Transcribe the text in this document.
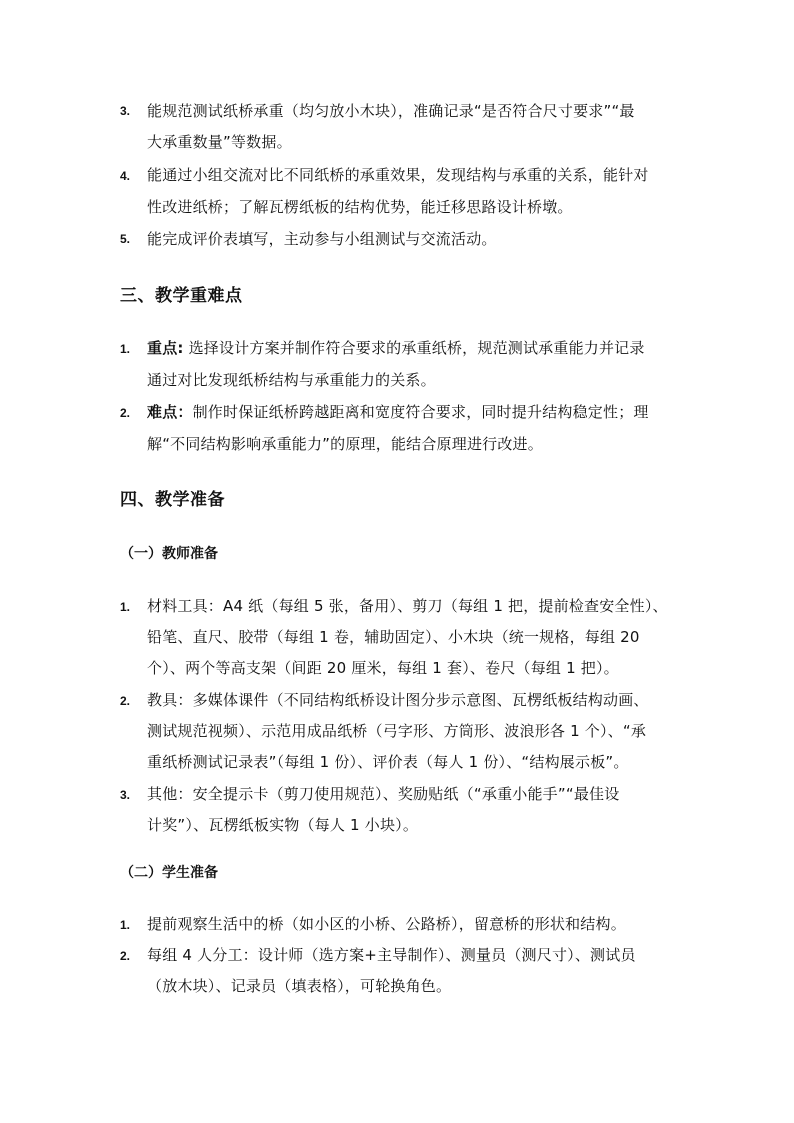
3. 能规范测试纸桥承重（均匀放小木块），准确记录“是否符合尺寸要求”“最
大承重数量”等数据。
4. 能通过小组交流对比不同纸桥的承重效果，发现结构与承重的关系，能针对
性改进纸桥；了解瓦楞纸板的结构优势，能迁移思路设计桥墩。
5. 能完成评价表填写，主动参与小组测试与交流活动。
三、教学重难点
1. 重点: 选择设计方案并制作符合要求的承重纸桥，规范测试承重能力并记录
通过对比发现纸桥结构与承重能力的关系。
2. 难点：制作时保证纸桥跨越距离和宽度符合要求，同时提升结构稳定性；理
解“不同结构影响承重能力”的原理，能结合原理进行改进。
四、教学准备
（一）教师准备
1. 材料工具：A4 纸（每组 5 张，备用）、剪刀（每组 1 把，提前检查安全性）、
铅笔、直尺、胶带（每组 1 卷，辅助固定）、小木块（统一规格，每组 20
个）、两个等高支架（间距 20 厘米，每组 1 套）、卷尺（每组 1 把）。
2. 教具：多媒体课件（不同结构纸桥设计图分步示意图、瓦楞纸板结构动画、
测试规范视频）、示范用成品纸桥（弓字形、方筒形、波浪形各 1 个）、“承
重纸桥测试记录表”（每组 1 份）、评价表（每人 1 份）、“结构展示板”。
3. 其他：安全提示卡（剪刀使用规范）、奖励贴纸（“承重小能手”“最佳设
计奖”）、瓦楞纸板实物（每人 1 小块）。
（二）学生准备
1. 提前观察生活中的桥（如小区的小桥、公路桥），留意桥的形状和结构。
2. 每组 4 人分工：设计师（选方案+主导制作）、测量员（测尺寸）、测试员
（放木块）、记录员（填表格），可轮换角色。
